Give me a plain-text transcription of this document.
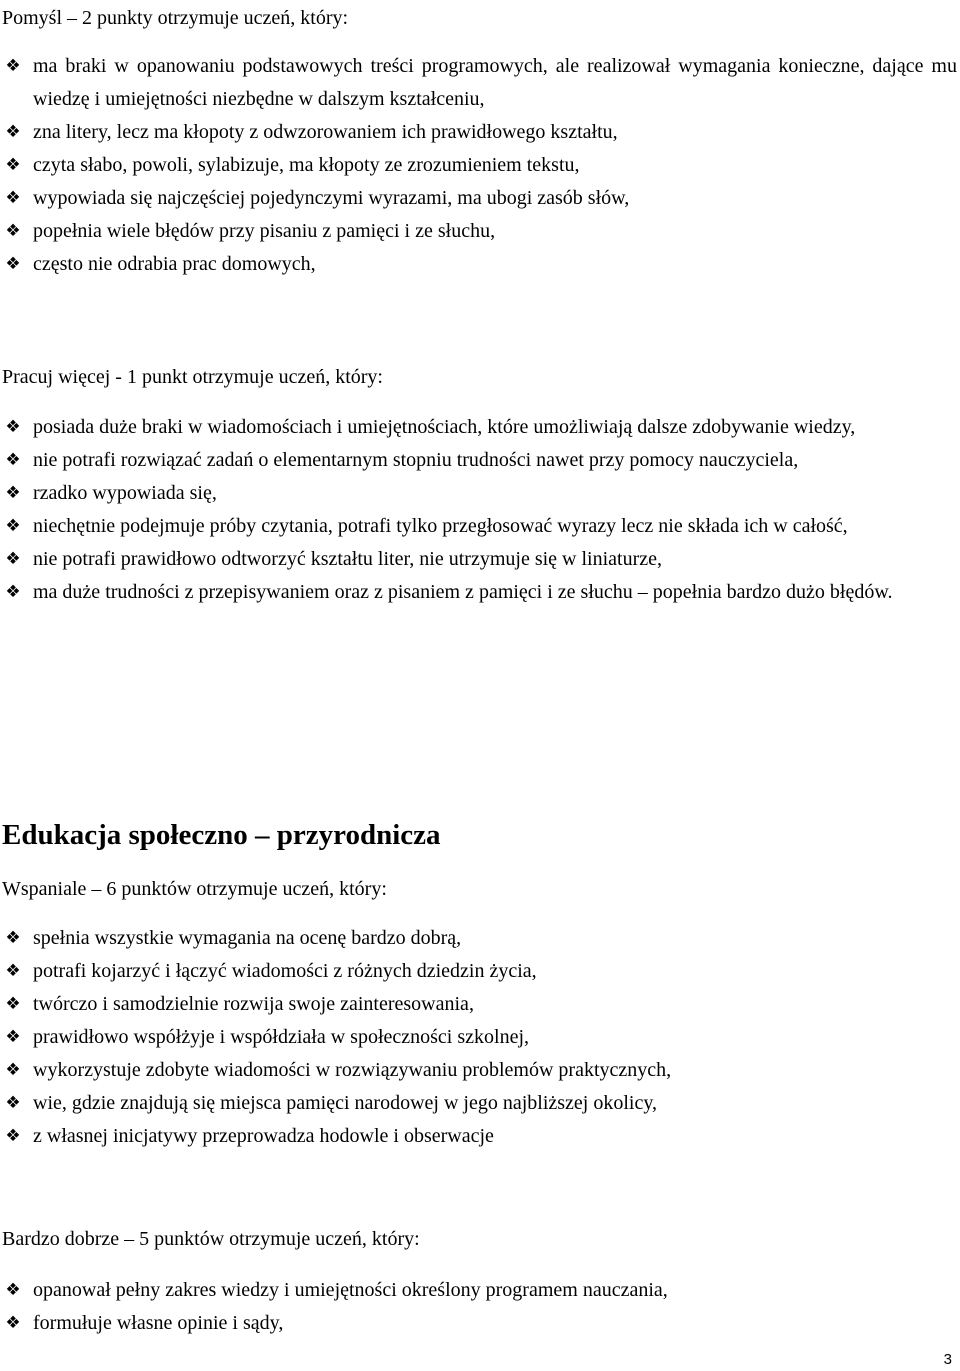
Pomyśl – 2 punkty otrzymuje uczeń, który:

❖ ma braki w opanowaniu podstawowych treści programowych, ale realizował wymagania konieczne, dające mu wiedzę i umiejętności niezbędne w dalszym kształceniu,
❖ zna litery, lecz ma kłopoty z odwzorowaniem ich prawidłowego kształtu,
❖ czyta słabo, powoli, sylabizuje, ma kłopoty ze zrozumieniem tekstu,
❖ wypowiada się najczęściej pojedynczymi wyrazami, ma ubogi zasób słów,
❖ popełnia wiele błędów przy pisaniu z pamięci i ze słuchu,
❖ często nie odrabia prac domowych,

Pracuj więcej - 1 punkt otrzymuje uczeń, który:

❖ posiada duże braki w wiadomościach i umiejętnościach, które umożliwiają dalsze zdobywanie wiedzy,
❖ nie potrafi rozwiązać zadań o elementarnym stopniu trudności nawet przy pomocy nauczyciela,
❖ rzadko wypowiada się,
❖ niechętnie podejmuje próby czytania, potrafi tylko przegłosować wyrazy lecz nie składa ich w całość,
❖ nie potrafi prawidłowo odtworzyć kształtu liter, nie utrzymuje się w liniaturze,
❖ ma duże trudności z przepisywaniem oraz z pisaniem z pamięci i ze słuchu – popełnia bardzo dużo błędów.
Edukacja społeczno – przyrodnicza

Wspaniale – 6 punktów otrzymuje uczeń, który:

❖ spełnia wszystkie wymagania na ocenę bardzo dobrą,
❖ potrafi kojarzyć i łączyć wiadomości z różnych dziedzin życia,
❖ twórczo i samodzielnie rozwija swoje zainteresowania,
❖ prawidłowo współżyje i współdziała w społeczności szkolnej,
❖ wykorzystuje zdobyte wiadomości w rozwiązywaniu problemów praktycznych,
❖ wie, gdzie znajdują się miejsca pamięci narodowej w jego najbliższej okolicy,
❖ z własnej inicjatywy przeprowadza hodowle i obserwacje

Bardzo dobrze – 5 punktów otrzymuje uczeń, który:

❖ opanował pełny zakres wiedzy i umiejętności określony programem nauczania,
❖ formułuje własne opinie i sądy,
3
